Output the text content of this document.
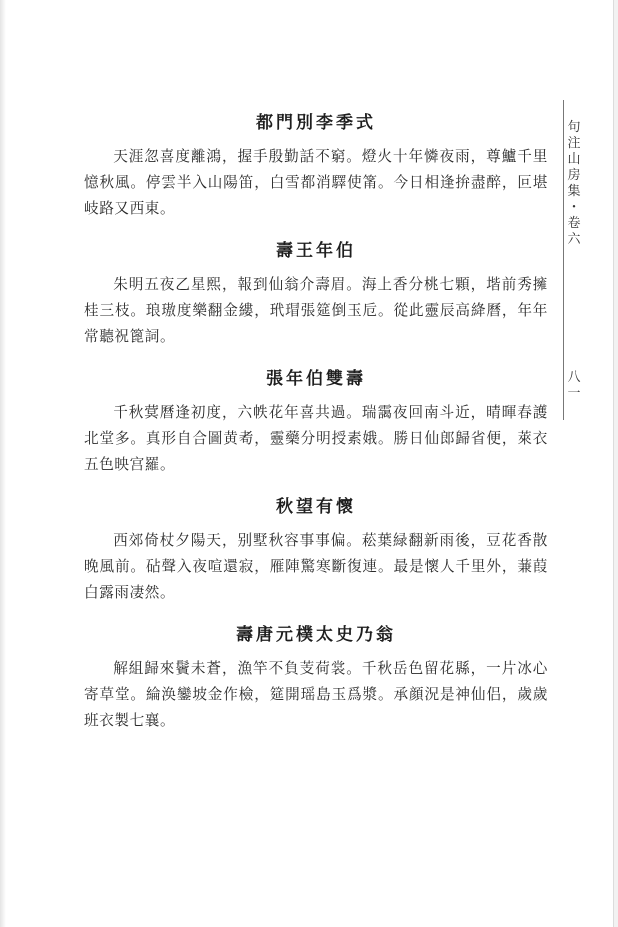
都門別李季式

天涯忽喜度離鴻，握手殷勤話不窮。燈火十年憐夜雨，尊鱸千里憶秋風。停雲半入山陽笛，白雪都消驛使筩。今日相逢拚盡醉，叵堪岐路又西東。

壽王年伯

朱明五夜乙星熙，報到仙翁介壽眉。海上香分桃七顆，堦前秀擁桂三枝。琅璈度樂翻金縷，玳瑁張筵倒玉卮。從此靈辰高絳曆，年年常聽祝篦詞。

張年伯雙壽

千秋蓂曆逢初度，六帙花年喜共過。瑞靄夜回南斗近，晴暉春護北堂多。真形自合圖黄耇，靈藥分明授素娥。勝日仙郎歸省便，萊衣五色映宫羅。

秋望有懷

西郊倚杖夕陽天，别墅秋容事事偏。菘葉緑翻新雨後，豆花香散晚風前。砧聲入夜喧還寂，雁陣驚寒斷復連。最是懷人千里外，蒹葭白露雨凄然。

壽唐元樸太史乃翁

解組歸來鬢未蒼，漁竿不負芰荷裳。千秋岳色留花縣，一片冰心寄草堂。綸涣鑾坡金作檢，筵開瑶島玉爲漿。承顔況是神仙侣，歲歲班衣製七襄。

句
注
山
房
集
・
卷
六
八
一
